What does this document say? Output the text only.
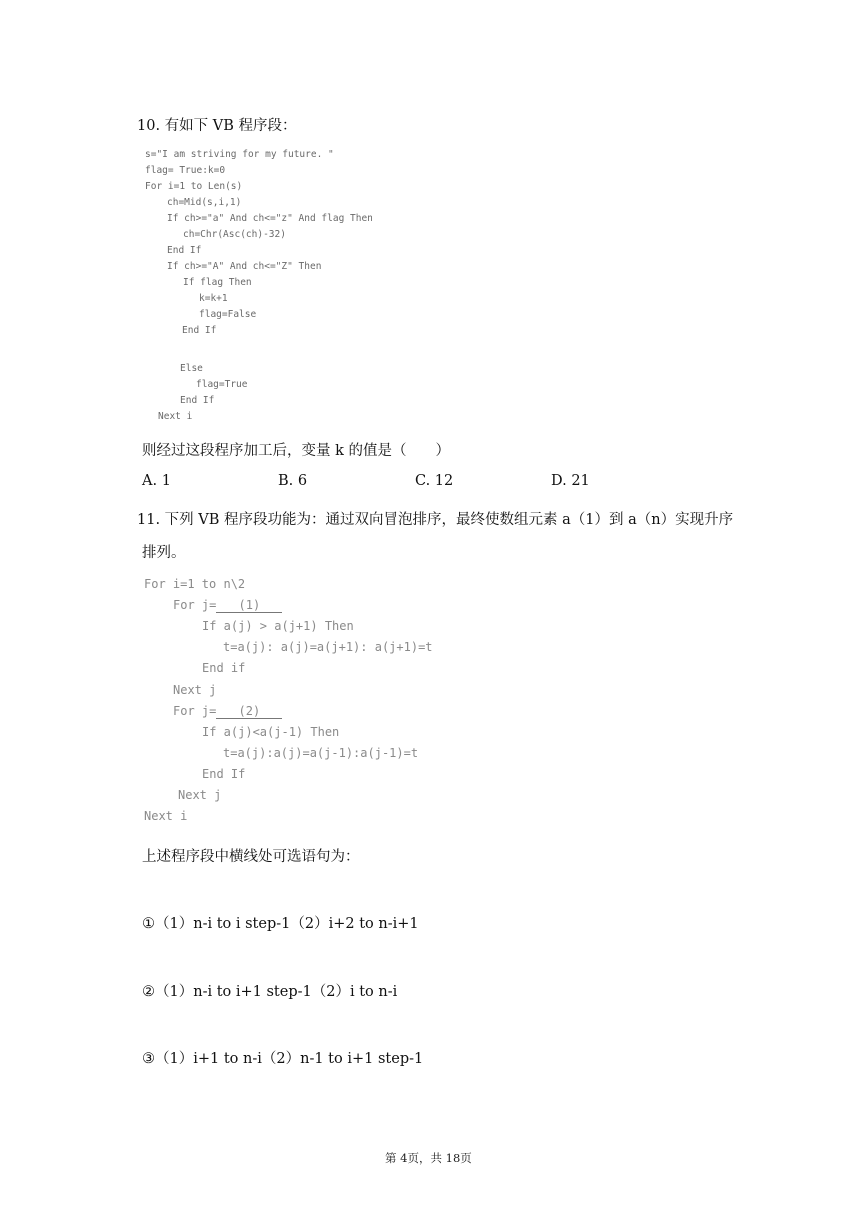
10. 有如下 VB 程序段：
s="I am striving for my future. "
flag= True:k=0
For i=1 to Len(s)
ch=Mid(s,i,1)
If ch>="a" And ch<="z" And flag Then
ch=Chr(Asc(ch)-32)
End If
If ch>="A" And ch<="Z" Then
If flag Then
k=k+1
flag=False
End If
Else
flag=True
End If
Next i
则经过这段程序加工后，变量 k 的值是（　　）
A. 1	B. 6	C. 12	D. 21
11. 下列 VB 程序段功能为：通过双向冒泡排序，最终使数组元素 a（1）到 a（n）实现升序
排列。
For i=1 to n\2
For j= (1)
If a(j) > a(j+1) Then
t=a(j): a(j)=a(j+1): a(j+1)=t
End if
Next j
For j= (2)
If a(j)<a(j-1) Then
t=a(j):a(j)=a(j-1):a(j-1)=t
End If
Next j
Next i
上述程序段中横线处可选语句为：
①（1）n-i to i step-1（2）i+2 to n-i+1
②（1）n-i to i+1 step-1（2）i to n-i
③（1）i+1 to n-i（2）n-1 to i+1 step-1
第 4页，共 18页
